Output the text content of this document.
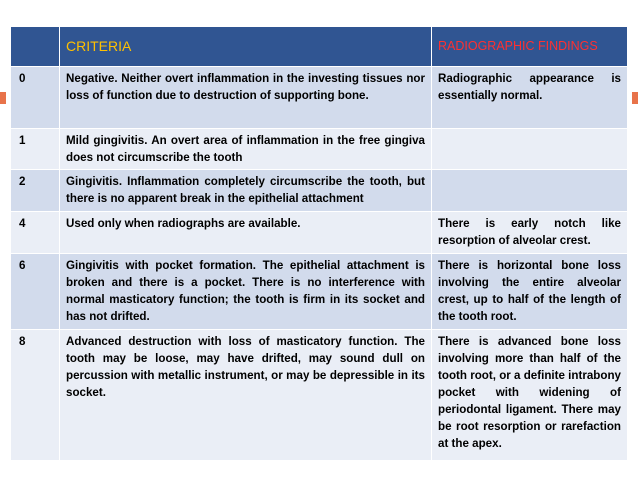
	CRITERIA	RADIOGRAPHIC FINDINGS
0	Negative. Neither overt inflammation in the investing tissues nor loss of function due to destruction of supporting bone.	Radiographic appearance is essentially normal.
1	Mild gingivitis. An overt area of inflammation in the free gingiva does not circumscribe the tooth	
2	Gingivitis. Inflammation completely circumscribe the tooth, but there is no apparent break in the epithelial attachment	
4	Used only when radiographs are available.	There is early notch like resorption of alveolar crest.
6	Gingivitis with pocket formation. The epithelial attachment is broken and there is a pocket. There is no interference with normal masticatory function; the tooth is firm in its socket and has not drifted.	There is horizontal bone loss involving the entire alveolar crest, up to half of the length of the tooth root.
8	Advanced destruction with loss of masticatory function. The tooth may be loose, may have drifted, may sound dull on percussion with metallic instrument, or may be depressible in its socket.	There is advanced bone loss involving more than half of the tooth root, or a definite intrabony pocket with widening of periodontal ligament. There may be root resorption or rarefaction at the apex.
